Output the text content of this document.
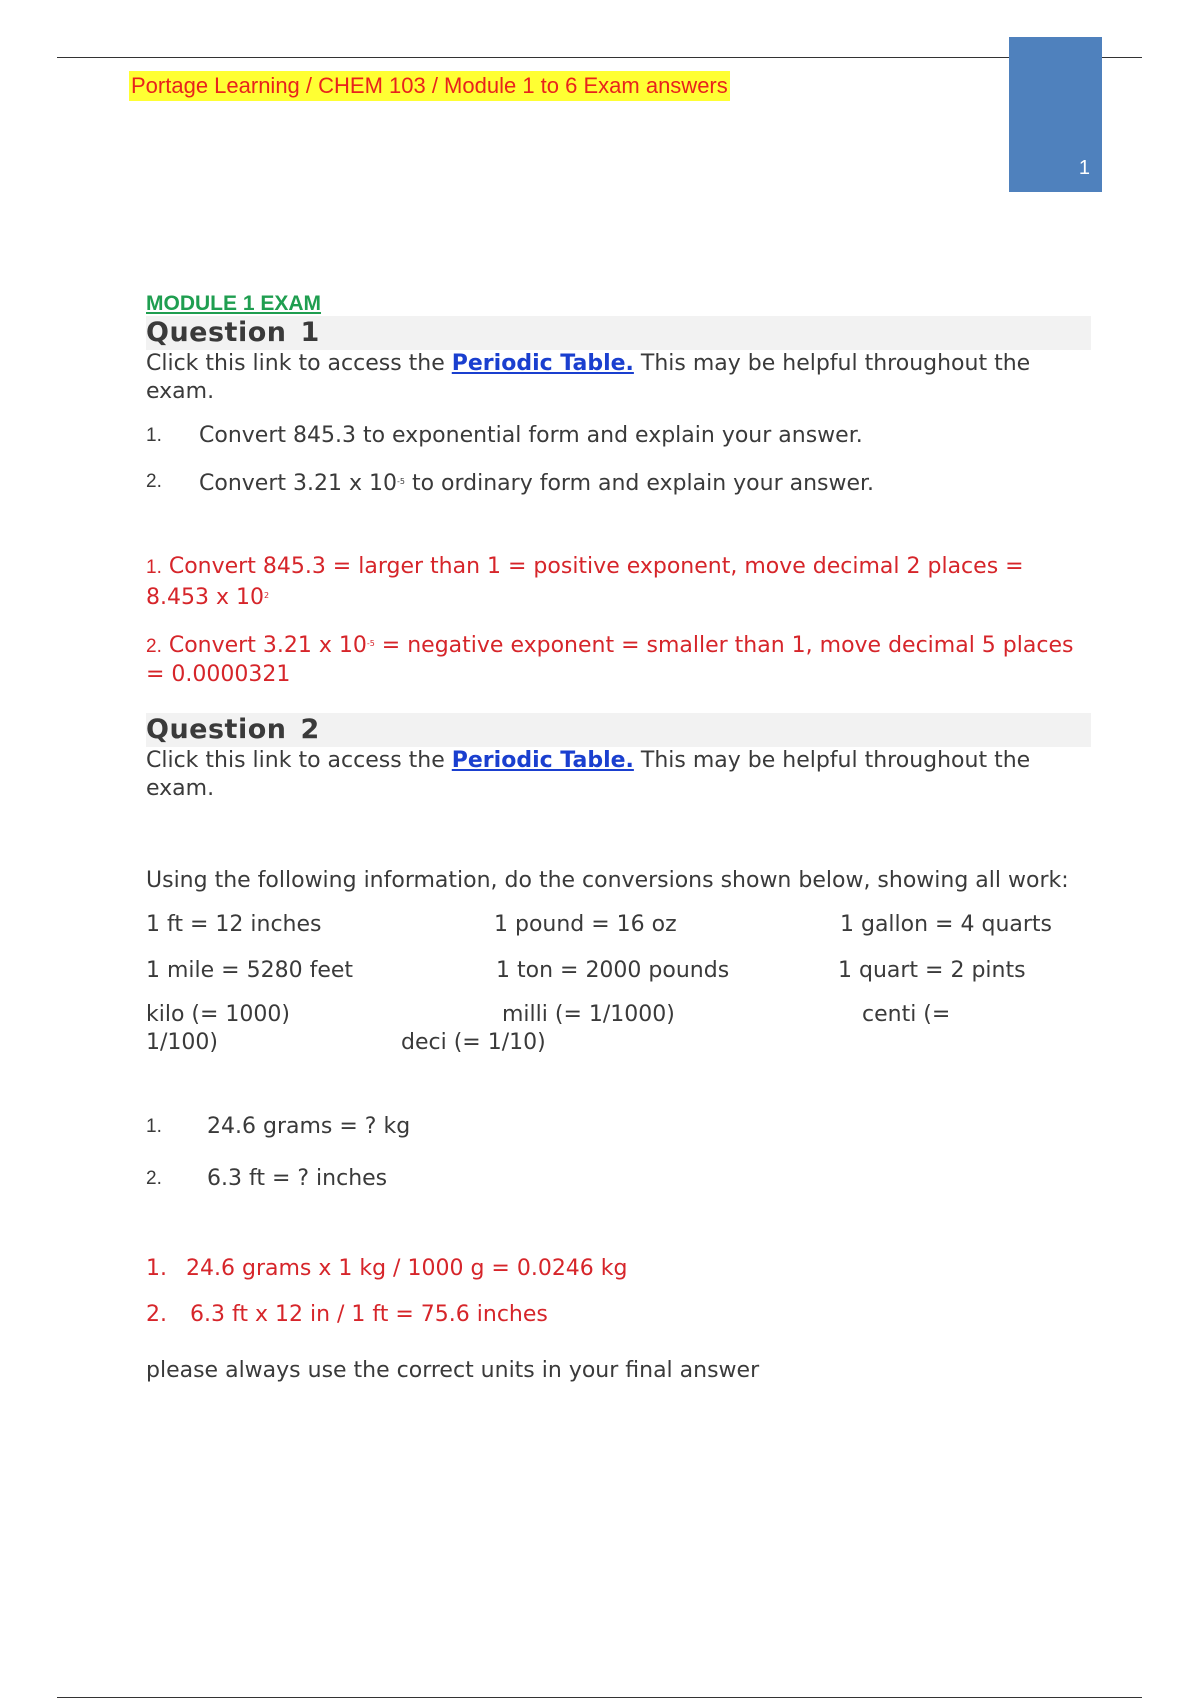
Portage Learning / CHEM 103 / Module 1 to 6 Exam answers
1
MODULE 1 EXAM
Question 1

Click this link to access the Periodic Table. This may be helpful throughout the exam.

1.	Convert 845.3 to exponential form and explain your answer.
2.	Convert 3.21 x $10^{-5}$ to ordinary form and explain your answer.

1. Convert 845.3 = larger than 1 = positive exponent, move decimal 2 places = 8.453 x $10^2$

2. Convert 3.21 x $10^{-5}$ = negative exponent = smaller than 1, move decimal 5 places = 0.0000321

Question 2

Click this link to access the Periodic Table. This may be helpful throughout the exam.

Using the following information, do the conversions shown below, showing all work:

1 ft = 12 inches	1 pound = 16 oz	1 gallon = 4 quarts
1 mile = 5280 feet	1 ton = 2000 pounds	1 quart = 2 pints
kilo (= 1000)	milli (= 1/1000)	centi (=
1/100)	deci (= 1/10)
1.	24.6 grams = ? kg
2.	6.3 ft = ? inches
1. 24.6 grams x 1 kg / 1000 g = 0.0246 kg
2.	6.3 ft x 12 in / 1 ft = 75.6 inches

please always use the correct units in your final answer
